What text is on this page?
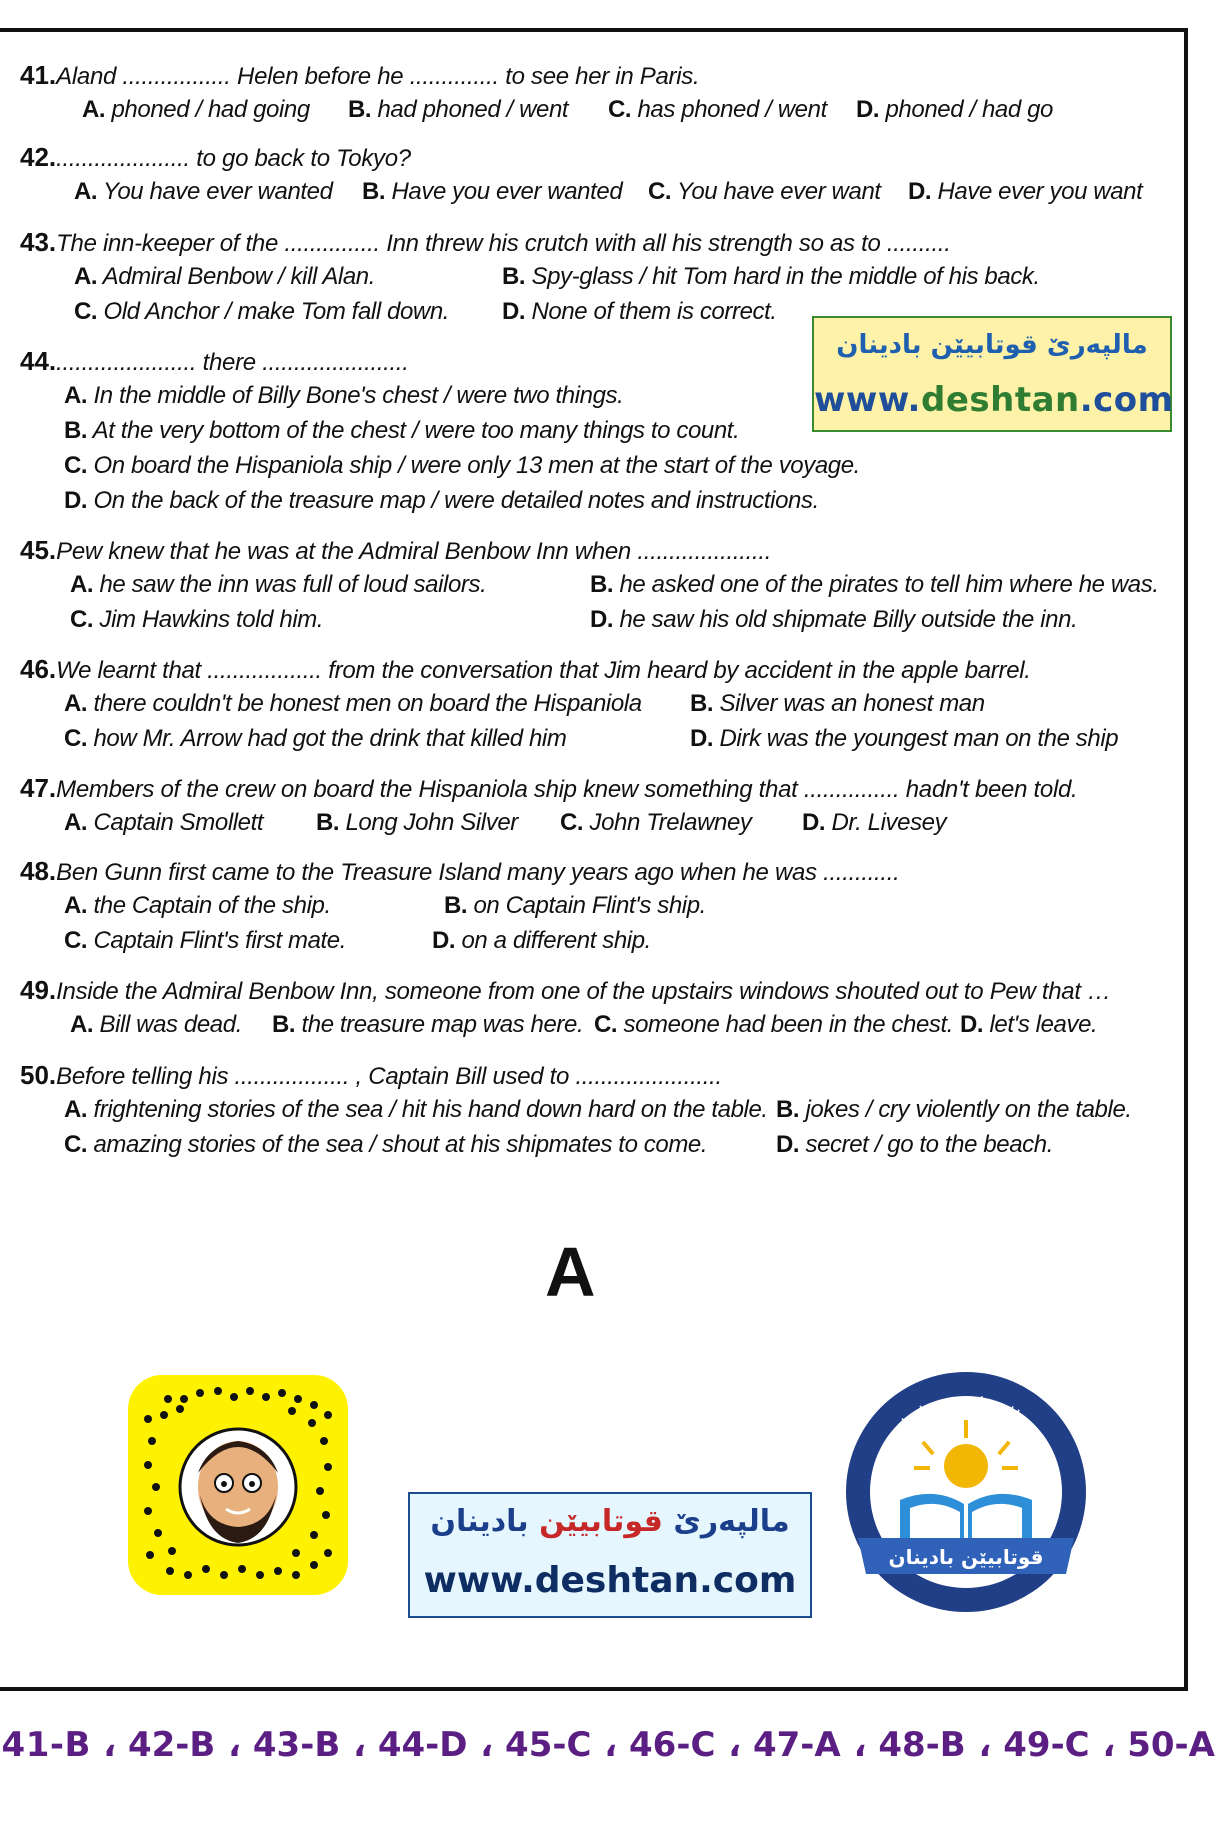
41.Aland ................. Helen before he .............. to see her in Paris.
A. phoned / had going B. had phoned / went C. has phoned / went D. phoned / had go
42...................... to go back to Tokyo?
A. You have ever wanted B. Have you ever wanted C. You have ever want D. Have ever you want
43.The inn-keeper of the ............... Inn threw his crutch with all his strength so as to ..........
A. Admiral Benbow / kill Alan.	B. Spy-glass / hit Tom hard in the middle of his back.
C. Old Anchor / make Tom fall down. D. None of them is correct.
44....................... there .......................
A. In the middle of Billy Bone's chest / were two things.
B. At the very bottom of the chest / were too many things to count.
C. On board the Hispaniola ship / were only 13 men at the start of the voyage.
D. On the back of the treasure map / were detailed notes and instructions.
مالپەرێ قوتابیێن بادینان
www.deshtan.com
45.Pew knew that he was at the Admiral Benbow Inn when .....................
A. he saw the inn was full of loud sailors.	B. he asked one of the pirates to tell him where he was.
C. Jim Hawkins told him.	D. he saw his old shipmate Billy outside the inn.
46.We learnt that .................. from the conversation that Jim heard by accident in the apple barrel.
A. there couldn't be honest men on board the Hispaniola B. Silver was an honest man
C. how Mr. Arrow had got the drink that killed him	D. Dirk was the youngest man on the ship
47.Members of the crew on board the Hispaniola ship knew something that ............... hadn't been told.
A. Captain Smollett B. Long John Silver C. John Trelawney D. Dr. Livesey
48.Ben Gunn first came to the Treasure Island many years ago when he was ............
A. the Captain of the ship.	B. on Captain Flint's ship.
C. Captain Flint's first mate.	D. on a different ship.
49.Inside the Admiral Benbow Inn, someone from one of the upstairs windows shouted out to Pew that …
A. Bill was dead. B. the treasure map was here. C. someone had been in the chest. D. let's leave.
50.Before telling his .................. , Captain Bill used to .......................
A. frightening stories of the sea / hit his hand down hard on the table. B. jokes / cry violently on the table.
C. amazing stories of the sea / shout at his shipmates to come.	D. secret / go to the beach.
A
مالپەرێ قوتابیێن بادینان
www.deshtan.com
qutabyen_badinan
قوتابیێن بادینان
★	★
41-B ، 42-B ، 43-B ، 44-D ، 45-C ، 46-C ، 47-A ، 48-B ، 49-C ، 50-A
